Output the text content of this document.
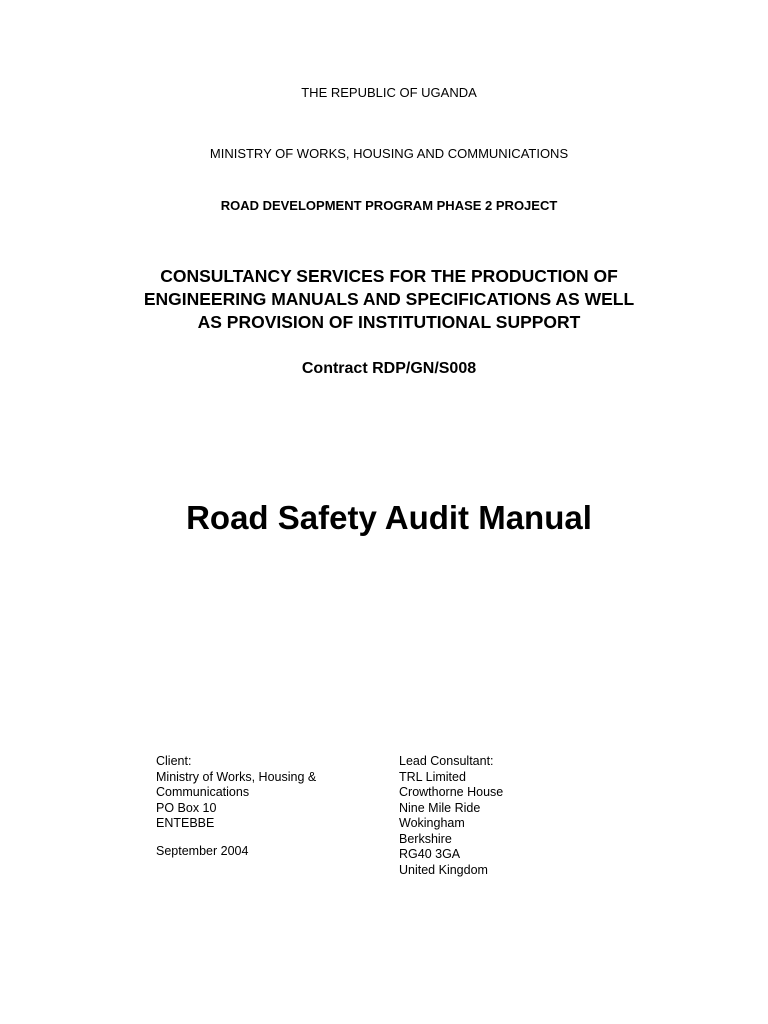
THE REPUBLIC OF UGANDA
MINISTRY OF WORKS, HOUSING AND COMMUNICATIONS
ROAD DEVELOPMENT PROGRAM PHASE 2 PROJECT
CONSULTANCY SERVICES FOR THE PRODUCTION OF
ENGINEERING MANUALS AND SPECIFICATIONS AS WELL
AS PROVISION OF INSTITUTIONAL SUPPORT
Contract RDP/GN/S008
Road Safety Audit Manual
Client:
Ministry of Works, Housing &
Communications
PO Box 10
ENTEBBE
September 2004
Lead Consultant:
TRL Limited
Crowthorne House
Nine Mile Ride
Wokingham
Berkshire
RG40 3GA
United Kingdom
